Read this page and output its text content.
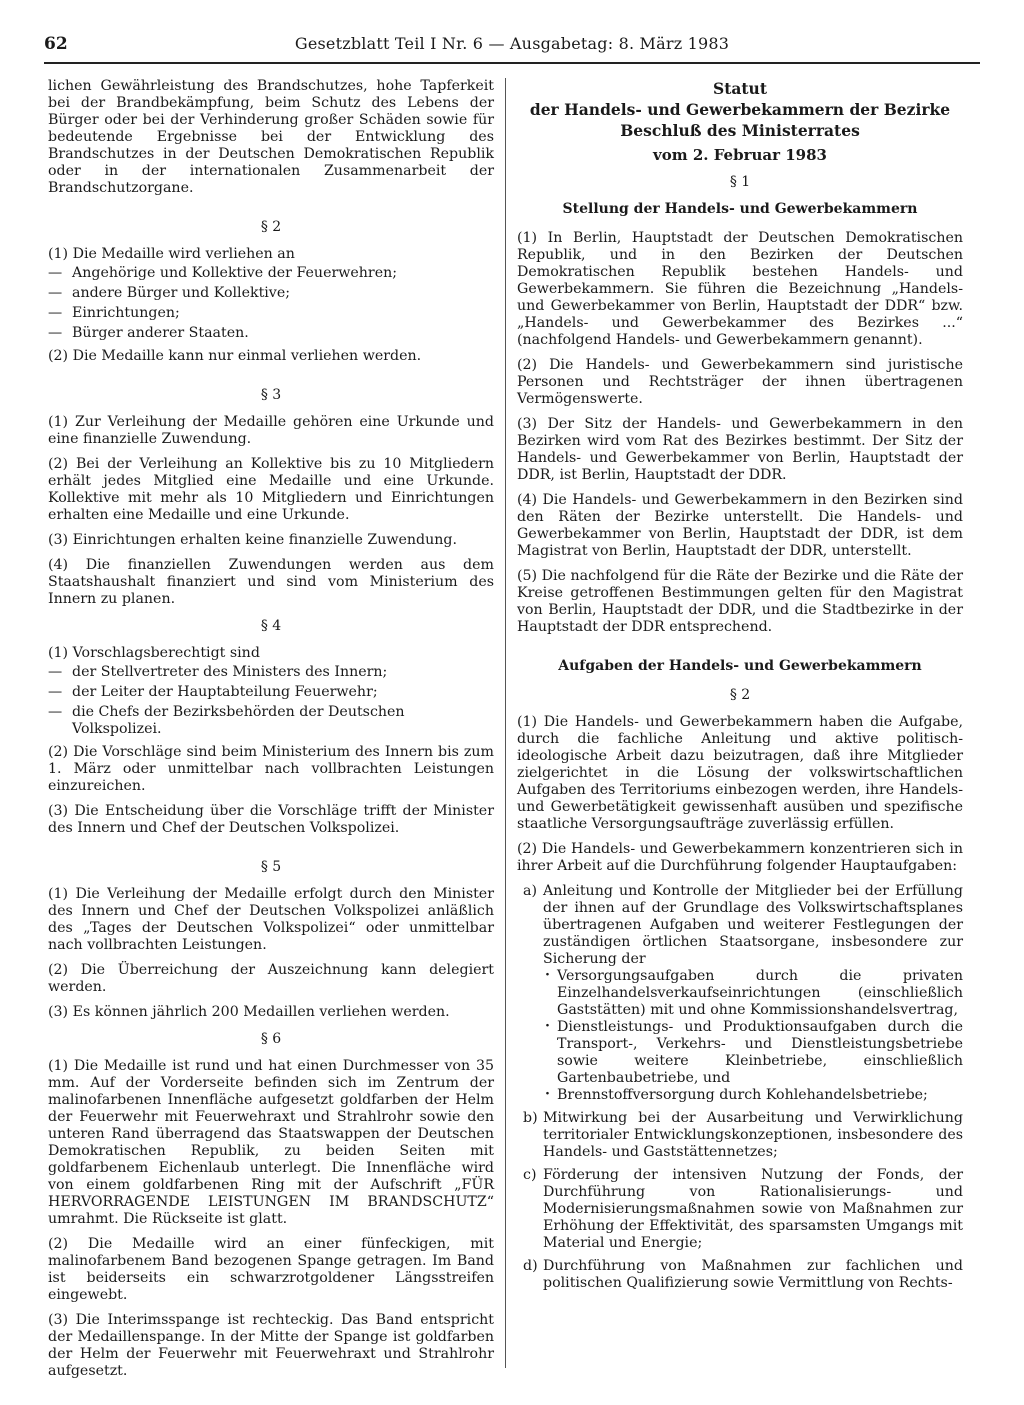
62	Gesetzblatt Teil I Nr. 6 — Ausgabetag: 8. März 1983

lichen Gewährleistung des Brandschutzes, hohe Tapferkeit bei der Brandbekämpfung, beim Schutz des Lebens der Bürger oder bei der Verhinderung großer Schäden sowie für bedeutende Ergebnisse bei der Entwicklung des Brandschutzes in der Deutschen Demokratischen Republik oder in der internationalen Zusammenarbeit der Brandschutzorgane.

§ 2

(1) Die Medaille wird verliehen an

— Angehörige und Kollektive der Feuerwehren;
— andere Bürger und Kollektive;
— Einrichtungen;
— Bürger anderer Staaten.

(2) Die Medaille kann nur einmal verliehen werden.

§ 3

(1) Zur Verleihung der Medaille gehören eine Urkunde und eine finanzielle Zuwendung.

(2) Bei der Verleihung an Kollektive bis zu 10 Mitgliedern erhält jedes Mitglied eine Medaille und eine Urkunde. Kollektive mit mehr als 10 Mitgliedern und Einrichtungen erhalten eine Medaille und eine Urkunde.

(3) Einrichtungen erhalten keine finanzielle Zuwendung.

(4) Die finanziellen Zuwendungen werden aus dem Staatshaushalt finanziert und sind vom Ministerium des Innern zu planen.

§ 4

(1) Vorschlagsberechtigt sind

— der Stellvertreter des Ministers des Innern;
— der Leiter der Hauptabteilung Feuerwehr;
— die Chefs der Bezirksbehörden der Deutschen Volkspolizei.

(2) Die Vorschläge sind beim Ministerium des Innern bis zum 1. März oder unmittelbar nach vollbrachten Leistungen einzureichen.

(3) Die Entscheidung über die Vorschläge trifft der Minister des Innern und Chef der Deutschen Volkspolizei.

§ 5

(1) Die Verleihung der Medaille erfolgt durch den Minister des Innern und Chef der Deutschen Volkspolizei anläßlich des „Tages der Deutschen Volkspolizei“ oder unmittelbar nach vollbrachten Leistungen.

(2) Die Überreichung der Auszeichnung kann delegiert werden.

(3) Es können jährlich 200 Medaillen verliehen werden.

§ 6

(1) Die Medaille ist rund und hat einen Durchmesser von 35 mm. Auf der Vorderseite befinden sich im Zentrum der malinofarbenen Innenfläche aufgesetzt goldfarben der Helm der Feuerwehr mit Feuerwehraxt und Strahlrohr sowie den unteren Rand überragend das Staatswappen der Deutschen Demokratischen Republik, zu beiden Seiten mit goldfarbenem Eichenlaub unterlegt. Die Innenfläche wird von einem goldfarbenen Ring mit der Aufschrift „FÜR HERVORRAGENDE LEISTUNGEN IM BRANDSCHUTZ“ umrahmt. Die Rückseite ist glatt.

(2) Die Medaille wird an einer fünfeckigen, mit malinofarbenem Band bezogenen Spange getragen. Im Band ist beiderseits ein schwarzrotgoldener Längsstreifen eingewebt.

(3) Die Interimsspange ist rechteckig. Das Band entspricht der Medaillenspange. In der Mitte der Spange ist goldfarben der Helm der Feuerwehr mit Feuerwehraxt und Strahlrohr aufgesetzt.

Statut
der Handels- und Gewerbekammern der Bezirke
Beschluß des Ministerrates
vom 2. Februar 1983
§ 1
Stellung der Handels- und Gewerbekammern

(1) In Berlin, Hauptstadt der Deutschen Demokratischen Republik, und in den Bezirken der Deutschen Demokratischen Republik bestehen Handels- und Gewerbekammern. Sie führen die Bezeichnung „Handels- und Gewerbekammer von Berlin, Hauptstadt der DDR“ bzw. „Handels- und Gewerbekammer des Bezirkes ...“ (nachfolgend Handels- und Gewerbekammern genannt).

(2) Die Handels- und Gewerbekammern sind juristische Personen und Rechtsträger der ihnen übertragenen Vermögenswerte.

(3) Der Sitz der Handels- und Gewerbekammern in den Bezirken wird vom Rat des Bezirkes bestimmt. Der Sitz der Handels- und Gewerbekammer von Berlin, Hauptstadt der DDR, ist Berlin, Hauptstadt der DDR.

(4) Die Handels- und Gewerbekammern in den Bezirken sind den Räten der Bezirke unterstellt. Die Handels- und Gewerbekammer von Berlin, Hauptstadt der DDR, ist dem Magistrat von Berlin, Hauptstadt der DDR, unterstellt.

(5) Die nachfolgend für die Räte der Bezirke und die Räte der Kreise getroffenen Bestimmungen gelten für den Magistrat von Berlin, Hauptstadt der DDR, und die Stadtbezirke in der Hauptstadt der DDR entsprechend.

Aufgaben der Handels- und Gewerbekammern
§ 2

(1) Die Handels- und Gewerbekammern haben die Aufgabe, durch die fachliche Anleitung und aktive politisch-ideologische Arbeit dazu beizutragen, daß ihre Mitglieder zielgerichtet in die Lösung der volkswirtschaftlichen Aufgaben des Territoriums einbezogen werden, ihre Handels- und Gewerbetätigkeit gewissenhaft ausüben und spezifische staatliche Versorgungsaufträge zuverlässig erfüllen.

(2) Die Handels- und Gewerbekammern konzentrieren sich in ihrer Arbeit auf die Durchführung folgender Hauptaufgaben:

a) Anleitung und Kontrolle der Mitglieder bei der Erfüllung der ihnen auf der Grundlage des Volkswirtschaftsplanes übertragenen Aufgaben und weiterer Festlegungen der zuständigen örtlichen Staatsorgane, insbesondere zur Sicherung der
· Versorgungsaufgaben durch die privaten Einzelhandelsverkaufseinrichtungen (einschließlich Gaststätten) mit und ohne Kommissionshandelsvertrag,
· Dienstleistungs- und Produktionsaufgaben durch die Transport-, Verkehrs- und Dienstleistungsbetriebe sowie weitere Kleinbetriebe, einschließlich Gartenbaubetriebe, und
· Brennstoffversorgung durch Kohlehandelsbetriebe;
b) Mitwirkung bei der Ausarbeitung und Verwirklichung territorialer Entwicklungskonzeptionen, insbesondere des Handels- und Gaststättennetzes;
c) Förderung der intensiven Nutzung der Fonds, der Durchführung von Rationalisierungs- und Modernisierungsmaßnahmen sowie von Maßnahmen zur Erhöhung der Effektivität, des sparsamsten Umgangs mit Material und Energie;
d) Durchführung von Maßnahmen zur fachlichen und politischen Qualifizierung sowie Vermittlung von Rechts-
